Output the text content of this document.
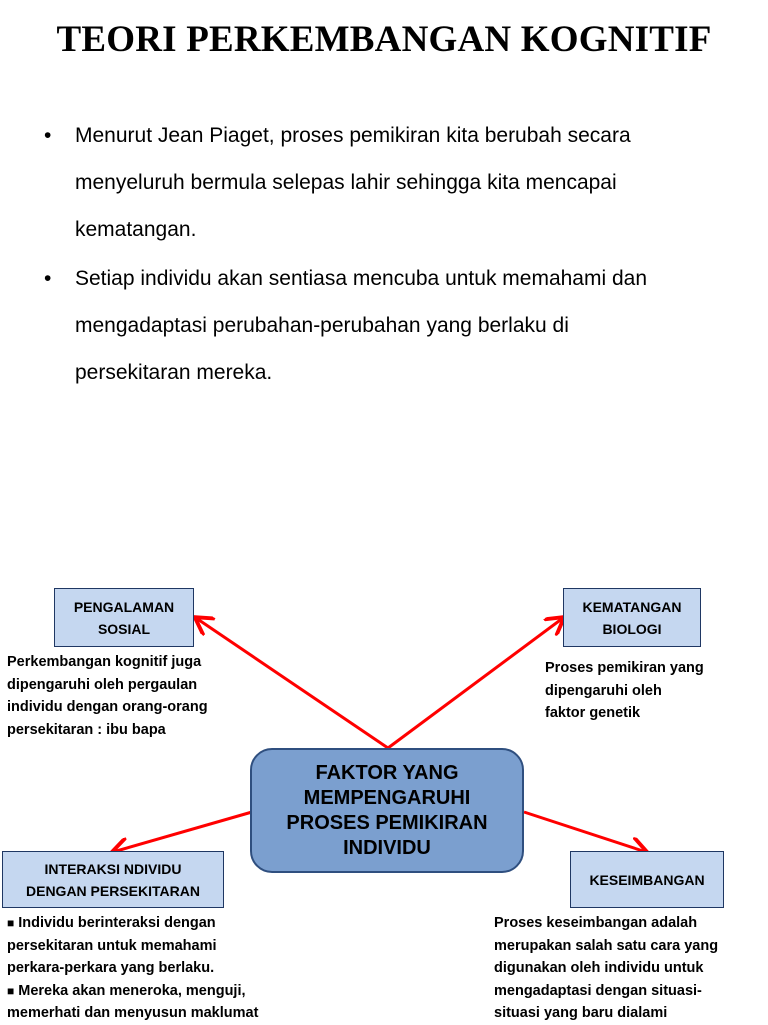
TEORI PERKEMBANGAN KOGNITIF
• Menurut Jean Piaget, proses pemikiran kita berubah secara
menyeluruh bermula selepas lahir sehingga kita mencapai
kematangan.
• Setiap individu akan sentiasa mencuba untuk memahami dan
mengadaptasi perubahan-perubahan yang berlaku di
persekitaran mereka.
PENGALAMAN
SOSIAL
Perkembangan kognitif juga
dipengaruhi oleh pergaulan
individu dengan orang-orang
persekitaran : ibu bapa
KEMATANGAN
BIOLOGI
Proses pemikiran yang
dipengaruhi oleh
faktor genetik
FAKTOR YANG
MEMPENGARUHI
PROSES PEMIKIRAN
INDIVIDU
INTERAKSI NDIVIDU
DENGAN PERSEKITARAN
■ Individu berinteraksi dengan
persekitaran untuk memahami
perkara-perkara yang berlaku.
■ Mereka akan meneroka, menguji,
memerhati dan menyusun maklumat
KESEIMBANGAN
Proses keseimbangan adalah
merupakan salah satu cara yang
digunakan oleh individu untuk
mengadaptasi dengan situasi-
situasi yang baru dialami
